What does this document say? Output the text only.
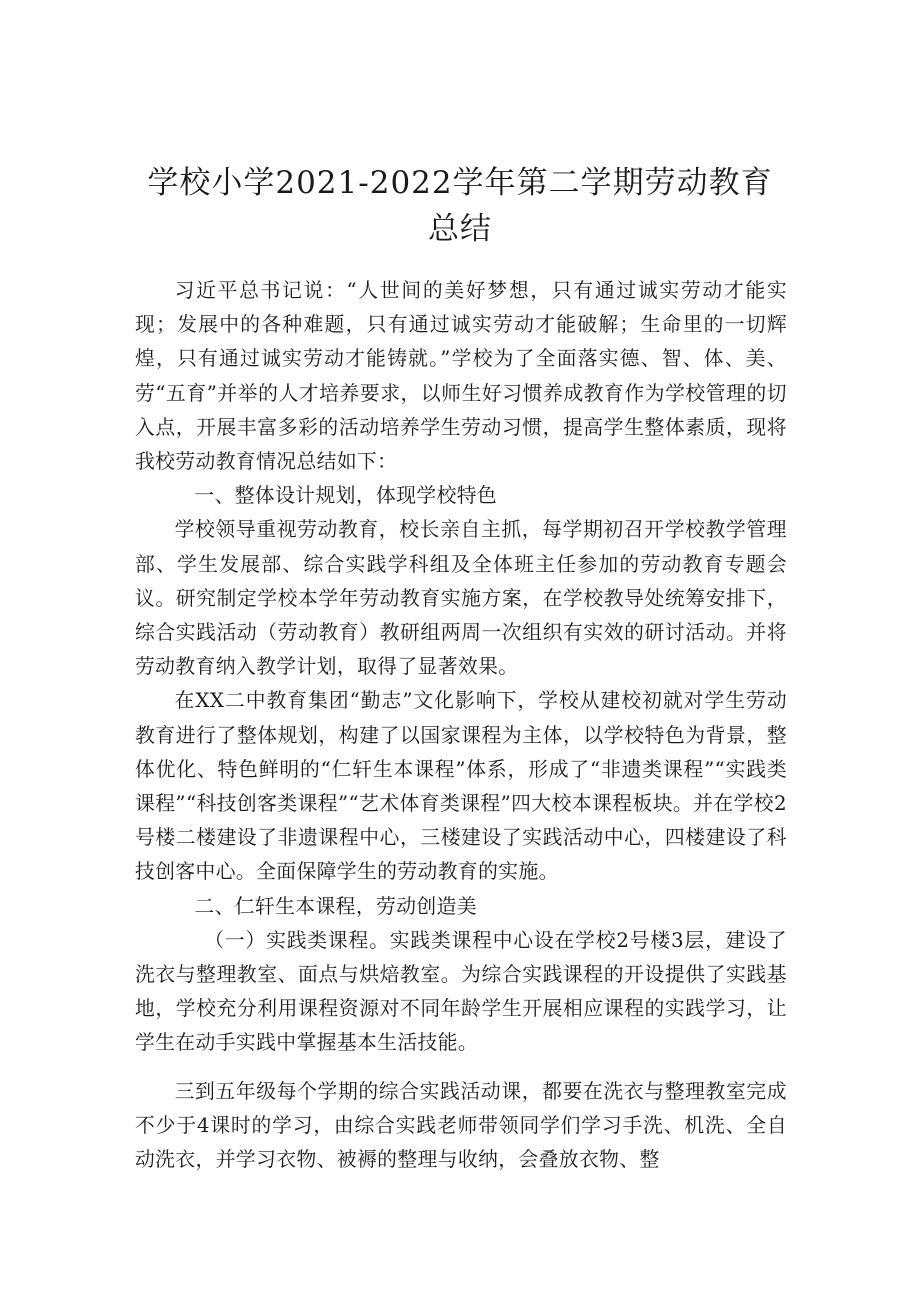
学校小学2021-2022学年第二学期劳动教育
总结

习近平总书记说：“人世间的美好梦想，只有通过诚实劳动才能实现；发展中的各种难题，只有通过诚实劳动才能破解；生命里的一切辉煌，只有通过诚实劳动才能铸就。”学校为了全面落实德、智、体、美、劳“五育”并举的人才培养要求，以师生好习惯养成教育作为学校管理的切入点，开展丰富多彩的活动培养学生劳动习惯，提高学生整体素质，现将我校劳动教育情况总结如下：

一、整体设计规划，体现学校特色

学校领导重视劳动教育，校长亲自主抓，每学期初召开学校教学管理部、学生发展部、综合实践学科组及全体班主任参加的劳动教育专题会议。研究制定学校本学年劳动教育实施方案，在学校教导处统筹安排下，综合实践活动（劳动教育）教研组两周一次组织有实效的研讨活动。并将劳动教育纳入教学计划，取得了显著效果。

在XX二中教育集团“勤志”文化影响下，学校从建校初就对学生劳动教育进行了整体规划，构建了以国家课程为主体，以学校特色为背景，整体优化、特色鲜明的“仁轩生本课程”体系，形成了“非遗类课程”“实践类课程”“科技创客类课程”“艺术体育类课程”四大校本课程板块。并在学校2号楼二楼建设了非遗课程中心，三楼建设了实践活动中心，四楼建设了科技创客中心。全面保障学生的劳动教育的实施。

二、仁轩生本课程，劳动创造美

（一）实践类课程。实践类课程中心设在学校2号楼3层，建设了洗衣与整理教室、面点与烘焙教室。为综合实践课程的开设提供了实践基地，学校充分利用课程资源对不同年龄学生开展相应课程的实践学习，让学生在动手实践中掌握基本生活技能。

三到五年级每个学期的综合实践活动课，都要在洗衣与整理教室完成不少于4课时的学习，由综合实践老师带领同学们学习手洗、机洗、全自动洗衣，并学习衣物、被褥的整理与收纳，会叠放衣物、整
